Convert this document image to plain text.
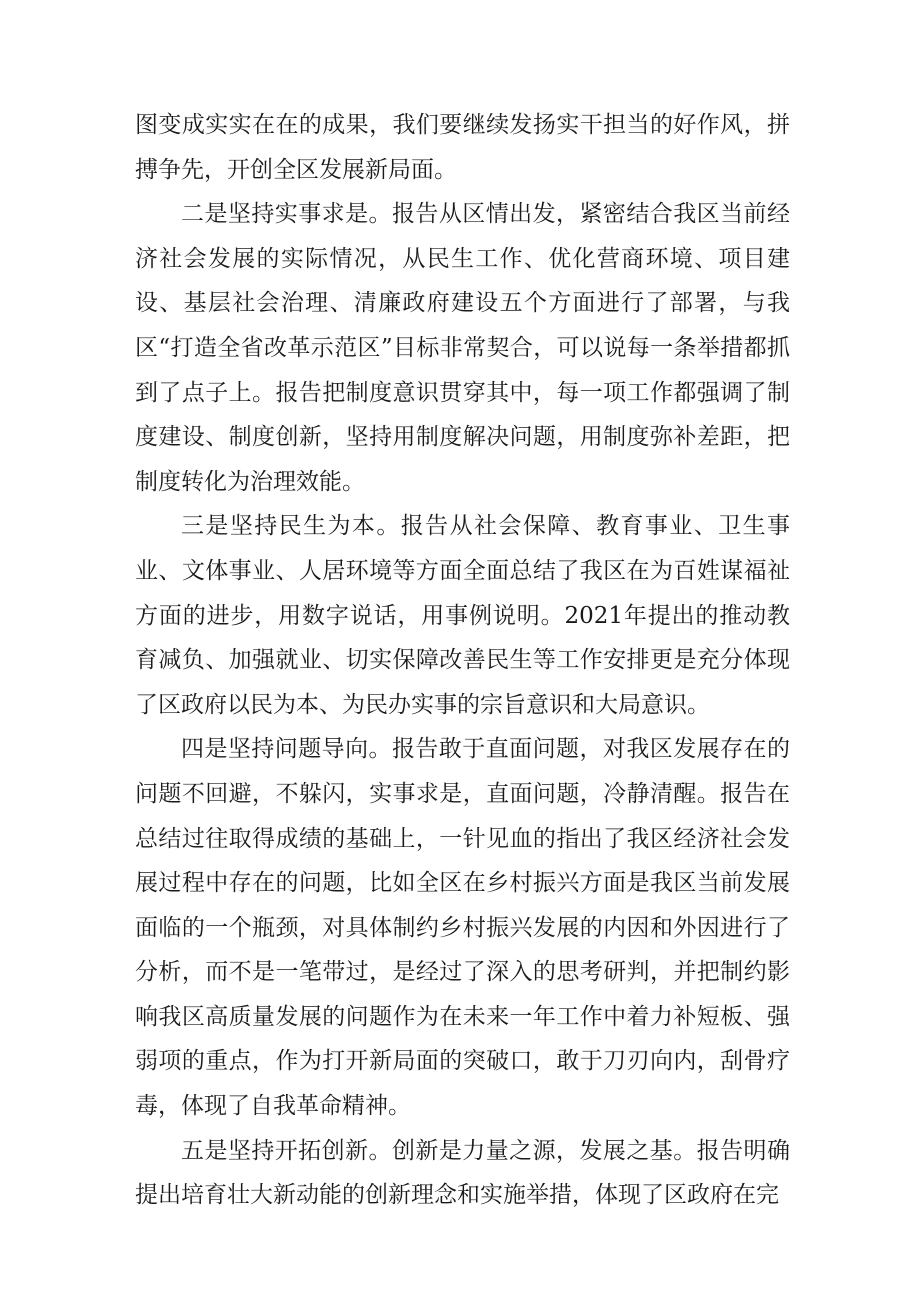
图变成实实在在的成果，我们要继续发扬实干担当的好作风，拼搏争先，开创全区发展新局面。

二是坚持实事求是。报告从区情出发，紧密结合我区当前经济社会发展的实际情况，从民生工作、优化营商环境、项目建设、基层社会治理、清廉政府建设五个方面进行了部署，与我区“打造全省改革示范区”目标非常契合，可以说每一条举措都抓到了点子上。报告把制度意识贯穿其中，每一项工作都强调了制度建设、制度创新，坚持用制度解决问题，用制度弥补差距，把制度转化为治理效能。

三是坚持民生为本。报告从社会保障、教育事业、卫生事业、文体事业、人居环境等方面全面总结了我区在为百姓谋福祉方面的进步，用数字说话，用事例说明。2021年提出的推动教育减负、加强就业、切实保障改善民生等工作安排更是充分体现了区政府以民为本、为民办实事的宗旨意识和大局意识。

四是坚持问题导向。报告敢于直面问题，对我区发展存在的问题不回避，不躲闪，实事求是，直面问题，冷静清醒。报告在总结过往取得成绩的基础上，一针见血的指出了我区经济社会发展过程中存在的问题，比如全区在乡村振兴方面是我区当前发展面临的一个瓶颈，对具体制约乡村振兴发展的内因和外因进行了分析，而不是一笔带过，是经过了深入的思考研判，并把制约影响我区高质量发展的问题作为在未来一年工作中着力补短板、强弱项的重点，作为打开新局面的突破口，敢于刀刃向内，刮骨疗毒，体现了自我革命精神。

五是坚持开拓创新。创新是力量之源，发展之基。报告明确提出培育壮大新动能的创新理念和实施举措，体现了区政府在完
